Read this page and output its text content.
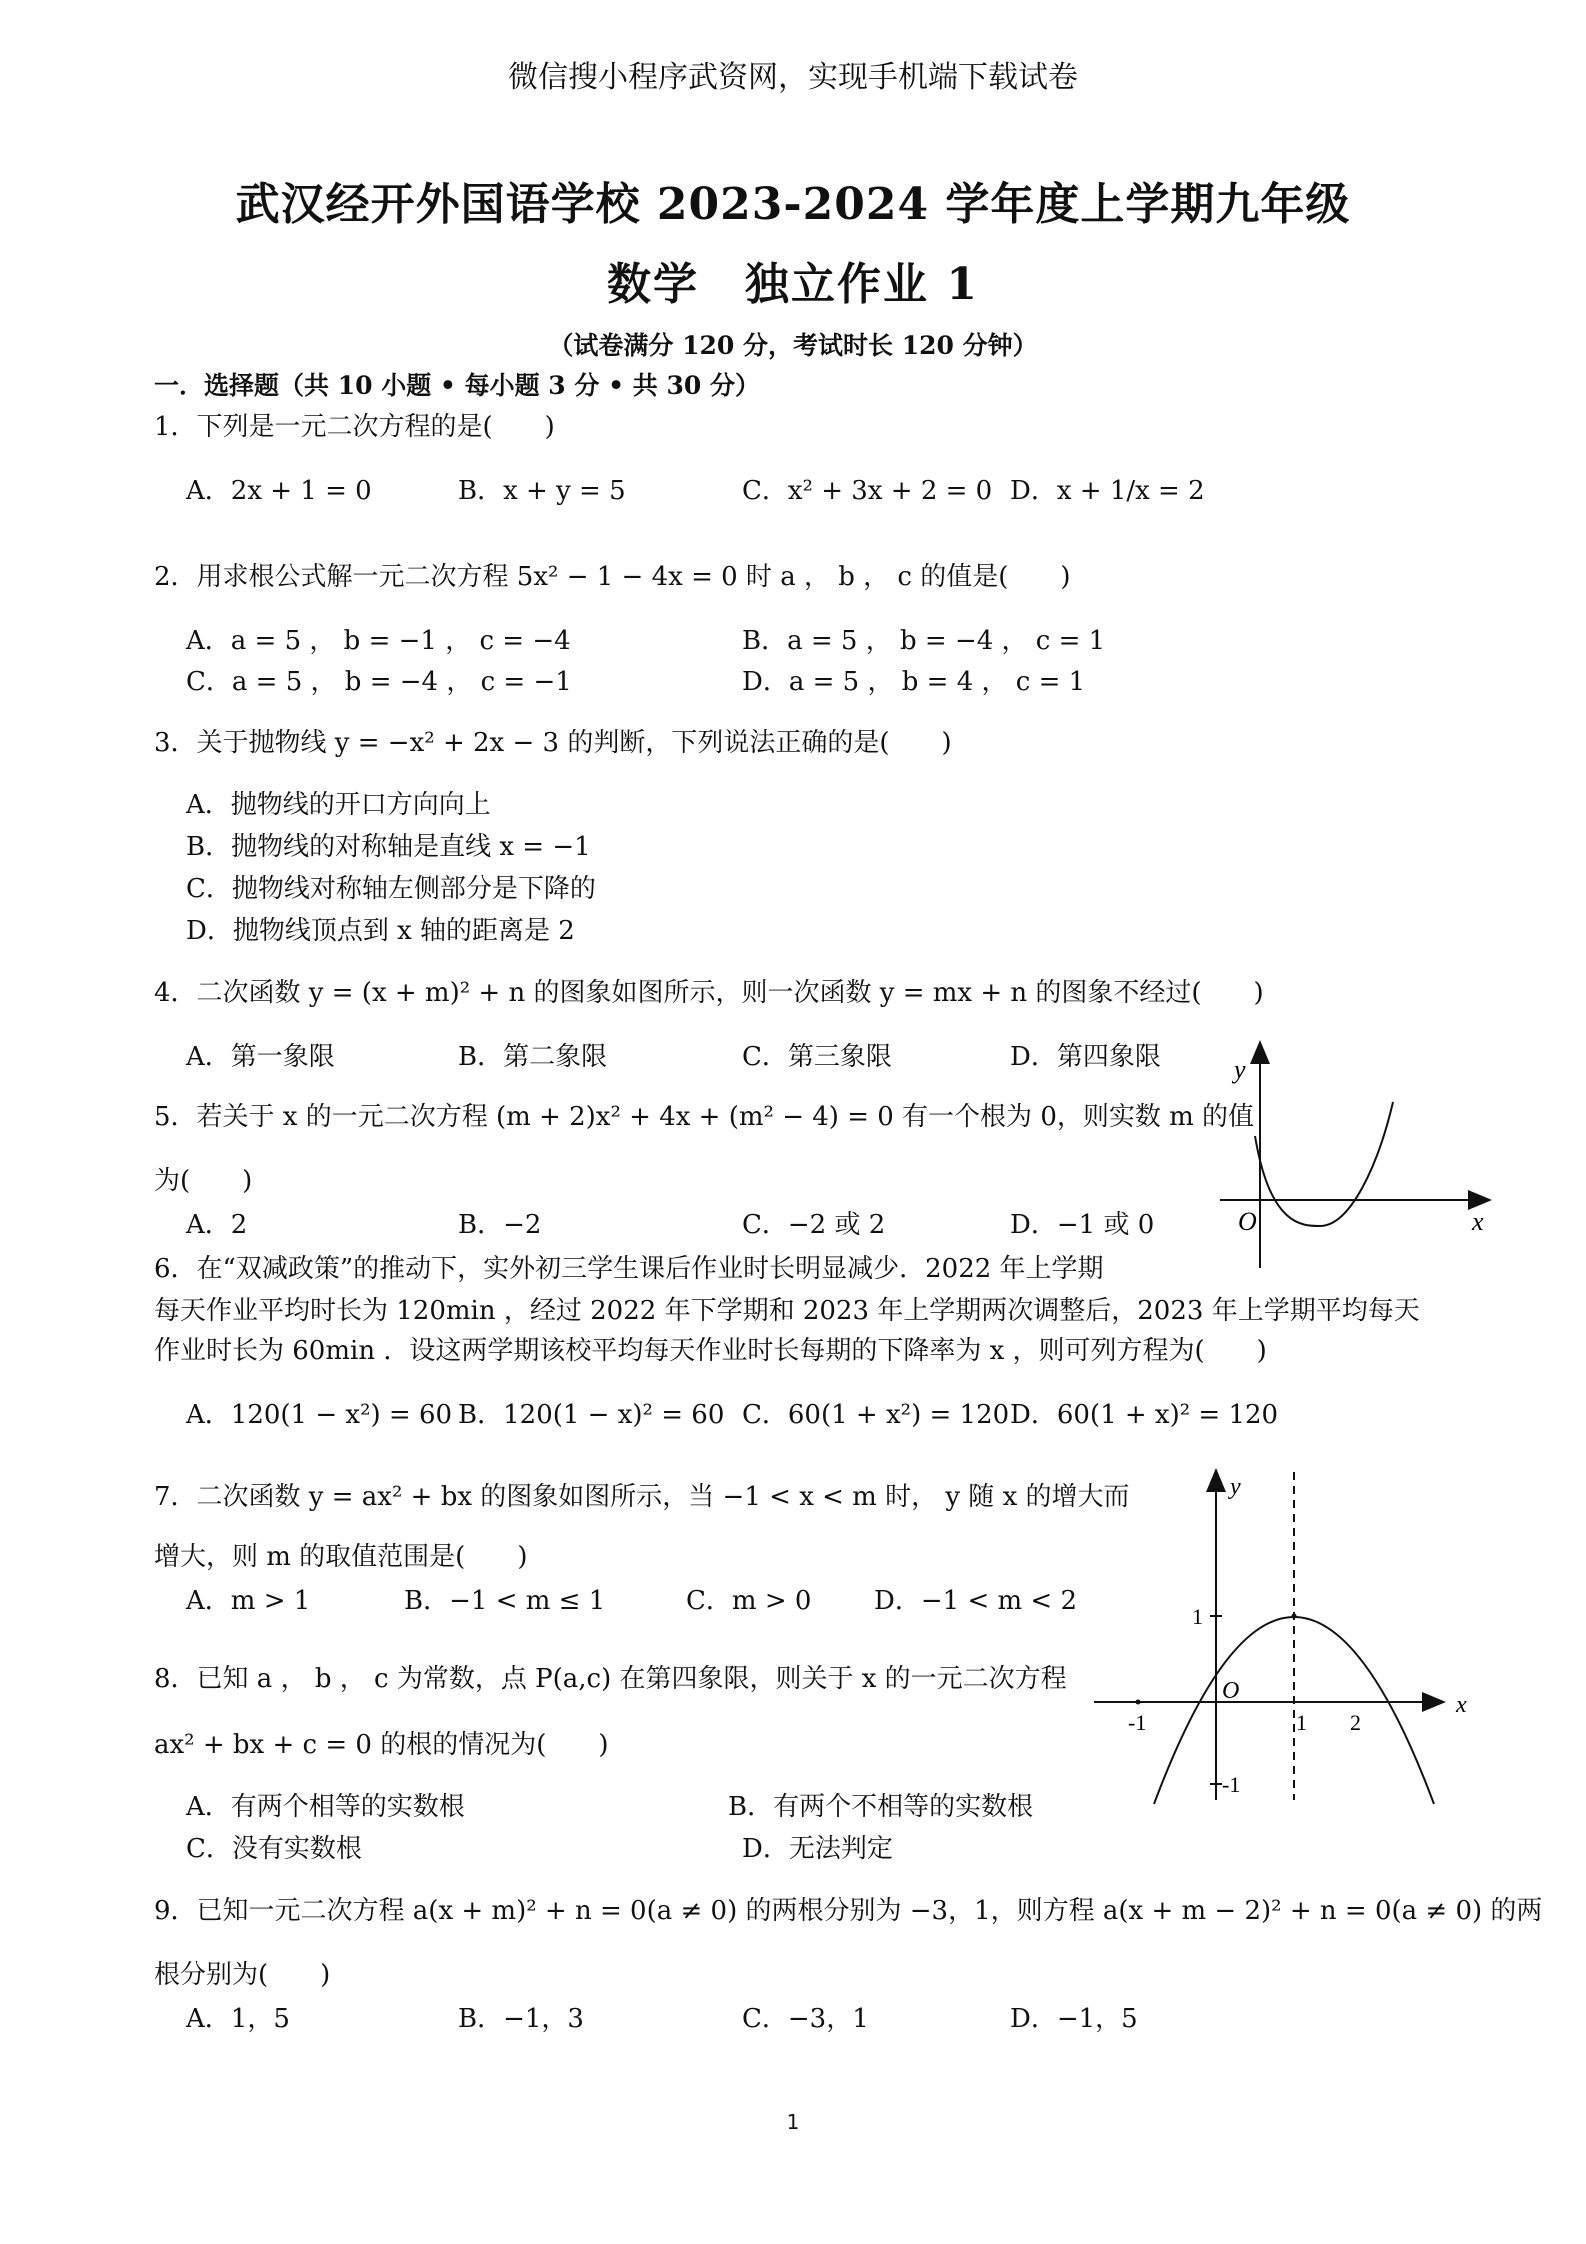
微信搜小程序武资网，实现手机端下载试卷
武汉经开外国语学校 2023-2024 学年度上学期九年级
数学　独立作业 1
（试卷满分 120 分，考试时长 120 分钟）
一．选择题（共 10 小题 • 每小题 3 分 • 共 30 分）
1．下列是一元二次方程的是(　　)
A．2x + 1 = 0	B．x + y = 5	C．x² + 3x + 2 = 0 D．x + 1/x = 2
2．用求根公式解一元二次方程 5x² − 1 − 4x = 0 时 a ， b ， c 的值是(　　)
A．a = 5 ， b = −1 ， c = −4	B．a = 5 ， b = −4 ， c = 1
C．a = 5 ， b = −4 ， c = −1	D．a = 5 ， b = 4 ， c = 1
3．关于抛物线 y = −x² + 2x − 3 的判断，下列说法正确的是(　　)
A．抛物线的开口方向向上
B．抛物线的对称轴是直线 x = −1
C．抛物线对称轴左侧部分是下降的
D．抛物线顶点到 x 轴的距离是 2
4．二次函数 y = (x + m)² + n 的图象如图所示，则一次函数 y = mx + n 的图象不经过(　　)
A．第一象限	B．第二象限	C．第三象限	D．第四象限	y
x
O
5．若关于 x 的一元二次方程 (m + 2)x² + 4x + (m² − 4) = 0 有一个根为 0，则实数 m 的值
为(　　)
A．2	B．−2	C．−2 或 2	D．−1 或 0
6．在“双减政策”的推动下，实外初三学生课后作业时长明显减少．2022 年上学期
每天作业平均时长为 120min ，经过 2022 年下学期和 2023 年上学期两次调整后，2023 年上学期平均每天
作业时长为 60min ．设这两学期该校平均每天作业时长每期的下降率为 x ，则可列方程为(　　)
A．120(1 − x²) = 60 B．120(1 − x)² = 60 C．60(1 + x²) = 120 D．60(1 + x)² = 120
7．二次函数 y = ax² + bx 的图象如图所示，当 −1 < x < m 时， y 随 x 的增大而
增大，则 m 的取值范围是(　　)
A．m > 1	B．−1 < m ≤ 1	C．m > 0 D．−1 < m < 2
y
x
O
1
-1
-1	1 2
8．已知 a ， b ， c 为常数，点 P(a,c) 在第四象限，则关于 x 的一元二次方程
ax² + bx + c = 0 的根的情况为(　　)
A．有两个相等的实数根	B．有两个不相等的实数根
C．没有实数根	D．无法判定
9．已知一元二次方程 a(x + m)² + n = 0(a ≠ 0) 的两根分别为 −3，1，则方程 a(x + m − 2)² + n = 0(a ≠ 0) 的两
根分别为(　　)
A．1，5	B．−1，3	C．−3，1	D．−1，5
1
